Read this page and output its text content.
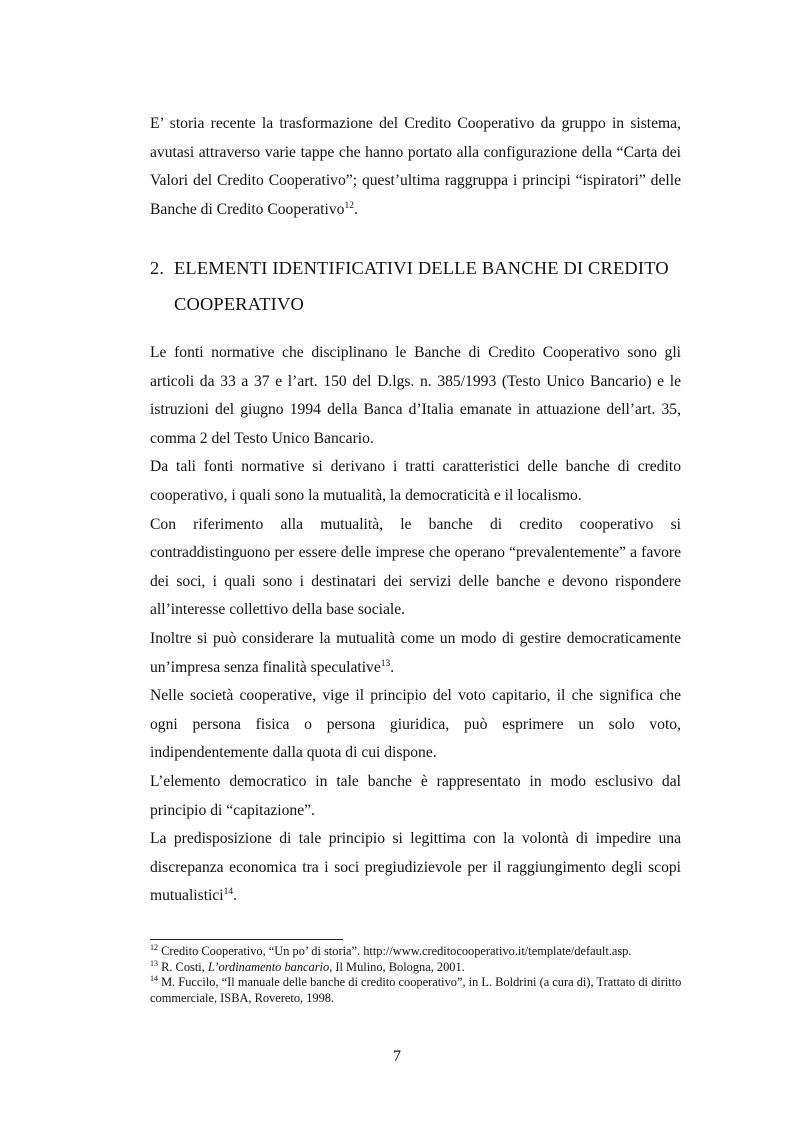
E’ storia recente la trasformazione del Credito Cooperativo da gruppo in sistema, avutasi attraverso varie tappe che hanno portato alla configurazione della “Carta dei Valori del Credito Cooperativo”; quest’ultima raggruppa i principi “ispiratori” delle Banche di Credito Cooperativo$^{12}$.

2. ELEMENTI IDENTIFICATIVI DELLE BANCHE DI CREDITO
COOPERATIVO

Le fonti normative che disciplinano le Banche di Credito Cooperativo sono gli articoli da 33 a 37 e l’art. 150 del D.lgs. n. 385/1993 (Testo Unico Bancario) e le istruzioni del giugno 1994 della Banca d’Italia emanate in attuazione dell’art. 35, comma 2 del Testo Unico Bancario.

Da tali fonti normative si derivano i tratti caratteristici delle banche di credito cooperativo, i quali sono la mutualità, la democraticità e il localismo.

Con riferimento alla mutualità, le banche di credito cooperativo si contraddistinguono per essere delle imprese che operano “prevalentemente” a favore dei soci, i quali sono i destinatari dei servizi delle banche e devono rispondere all’interesse collettivo della base sociale.

Inoltre si può considerare la mutualità come un modo di gestire democraticamente un’impresa senza finalità speculative$^{13}$.

Nelle società cooperative, vige il principio del voto capitario, il che significa che ogni persona fisica o persona giuridica, può esprimere un solo voto, indipendentemente dalla quota di cui dispone.

L’elemento democratico in tale banche è rappresentato in modo esclusivo dal principio di “capitazione”.

La predisposizione di tale principio si legittima con la volontà di impedire una discrepanza economica tra i soci pregiudizievole per il raggiungimento degli scopi mutualistici$^{14}$.

$^{12}$ Credito Cooperativo, “Un po’ di storia”. http://www.creditocooperativo.it/template/default.asp.

$^{13}$ R. Costi, L’ordinamento bancario, Il Mulino, Bologna, 2001.

$^{14}$ M. Fuccilo, “Il manuale delle banche di credito cooperativo”, in L. Boldrini (a cura di), Trattato di diritto commerciale, ISBA, Rovereto, 1998.

7
